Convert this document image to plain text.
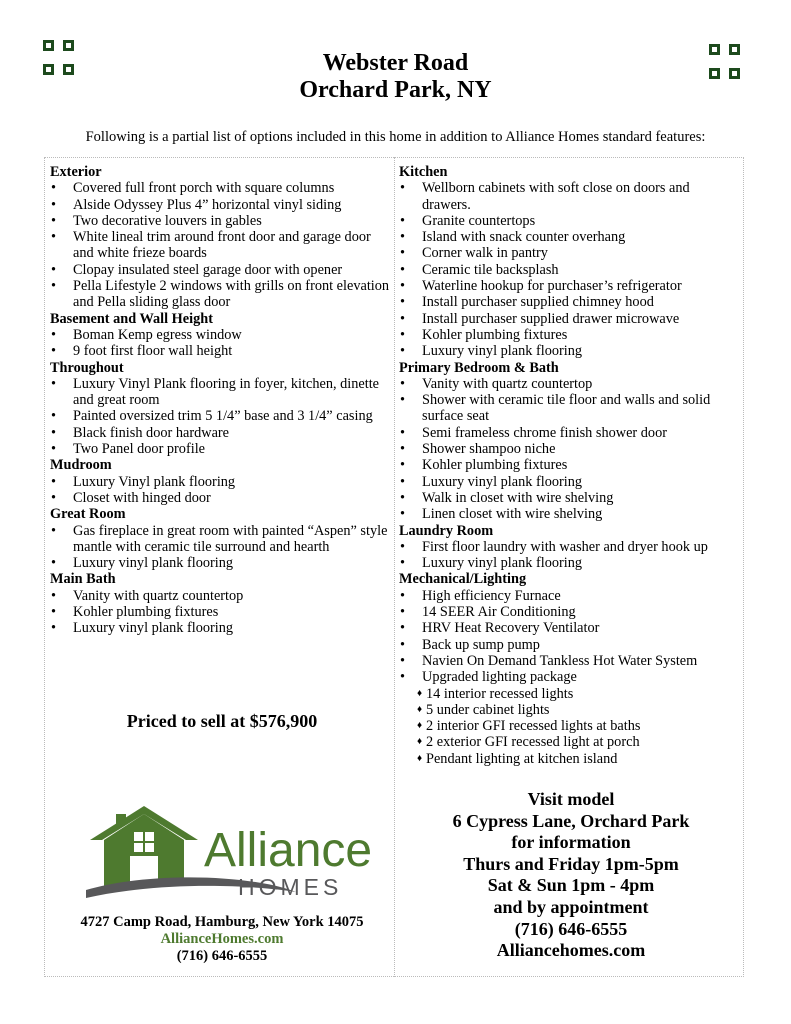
Webster Road
Orchard Park, NY
Following is a partial list of options included in this home in addition to Alliance Homes standard features:
Exterior
• Covered full front porch with square columns
• Alside Odyssey Plus 4” horizontal vinyl siding
• Two decorative louvers in gables
• White lineal trim around front door and garage door and white frieze boards
• Clopay insulated steel garage door with opener
• Pella Lifestyle 2 windows with grills on front elevation and Pella sliding glass door
Basement and Wall Height
• Boman Kemp egress window
• 9 foot first floor wall height
Throughout
• Luxury Vinyl Plank flooring in foyer, kitchen, dinette and great room
• Painted oversized trim 5 1/4” base and 3 1/4” casing
• Black finish door hardware
• Two Panel door profile
Mudroom
• Luxury Vinyl plank flooring
• Closet with hinged door
Great Room
• Gas fireplace in great room with painted “Aspen” style mantle with ceramic tile surround and hearth
• Luxury vinyl plank flooring
Main Bath
• Vanity with quartz countertop
• Kohler plumbing fixtures
• Luxury vinyl plank flooring
Kitchen
• Wellborn cabinets with soft close on doors and drawers.
• Granite countertops
• Island with snack counter overhang
• Corner walk in pantry
• Ceramic tile backsplash
• Waterline hookup for purchaser’s refrigerator
• Install purchaser supplied chimney hood
• Install purchaser supplied drawer microwave
• Kohler plumbing fixtures
• Luxury vinyl plank flooring
Primary Bedroom & Bath
• Vanity with quartz countertop
• Shower with ceramic tile floor and walls and solid surface seat
• Semi frameless chrome finish shower door
• Shower shampoo niche
• Kohler plumbing fixtures
• Luxury vinyl plank flooring
• Walk in closet with wire shelving
• Linen closet with wire shelving
Laundry Room
• First floor laundry with washer and dryer hook up
• Luxury vinyl plank flooring
Mechanical/Lighting
• High efficiency Furnace
• 14 SEER Air Conditioning
• HRV Heat Recovery Ventilator
• Back up sump pump
• Navien On Demand Tankless Hot Water System
• Upgraded lighting package
♦ 14 interior recessed lights
♦ 5 under cabinet lights
♦ 2 interior GFI recessed lights at baths
♦ 2 exterior GFI recessed light at porch
♦ Pendant lighting at kitchen island
Priced to sell at $576,900
Alliance
HOMES
4727 Camp Road, Hamburg, New York 14075
AllianceHomes.com
(716) 646-6555
Visit model
6 Cypress Lane, Orchard Park
for information
Thurs and Friday 1pm-5pm
Sat & Sun 1pm - 4pm
and by appointment
(716) 646-6555
Alliancehomes.com
